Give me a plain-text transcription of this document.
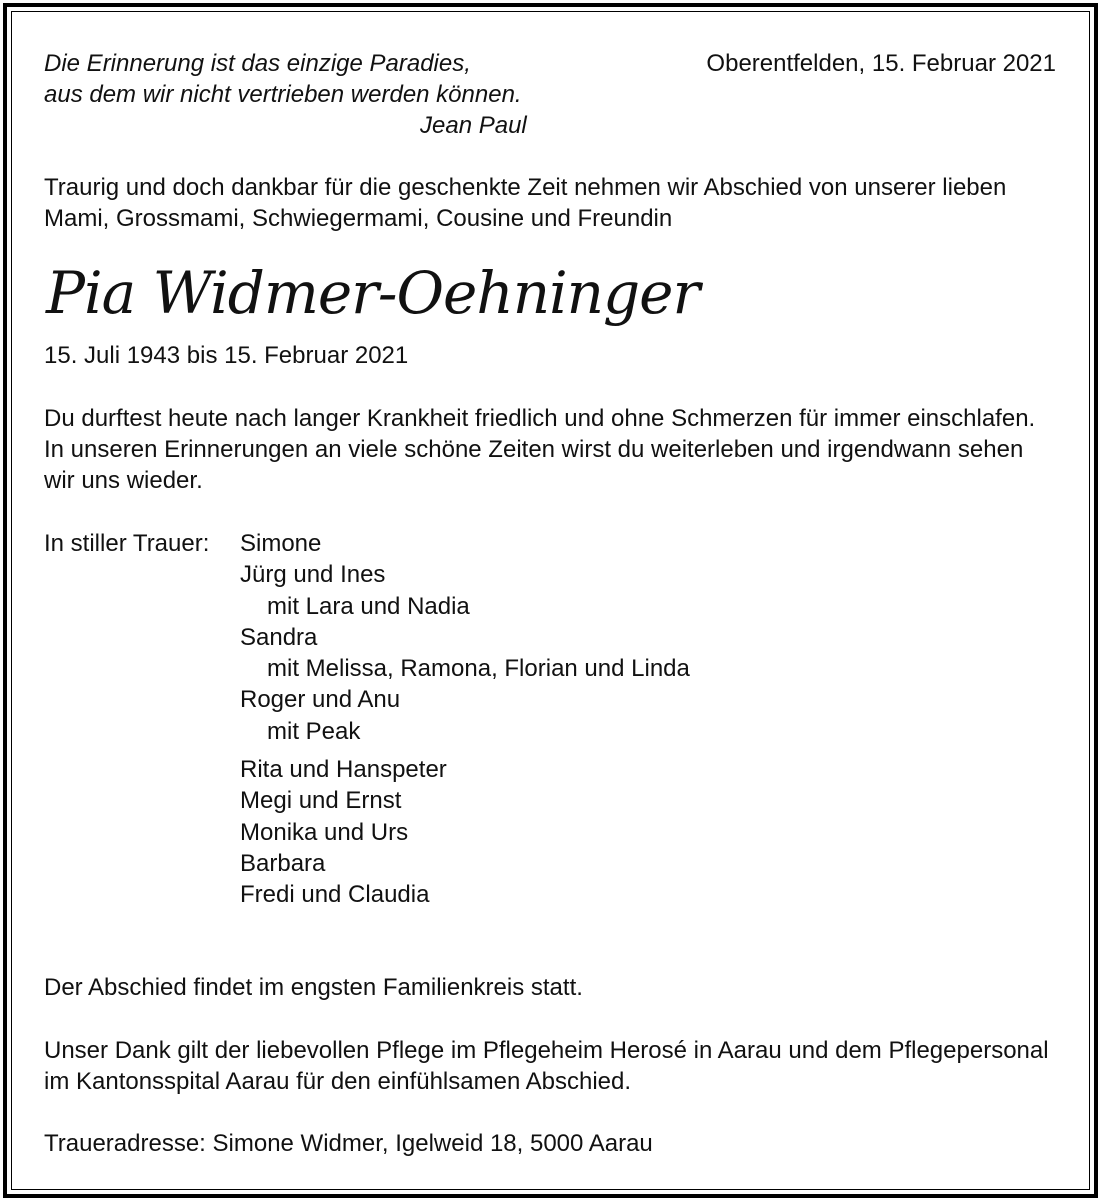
Die Erinnerung ist das einzige Paradies,
aus dem wir nicht vertrieben werden können.
Jean Paul

Oberentfelden, 15. Februar 2021

Traurig und doch dankbar für die geschenkte Zeit nehmen wir Abschied von unserer lieben
Mami, Grossmami, Schwiegermami, Cousine und Freundin
Pia Widmer-Oehninger

15. Juli 1943 bis 15. Februar 2021

Du durftest heute nach langer Krankheit friedlich und ohne Schmerzen für immer einschlafen.
In unseren Erinnerungen an viele schöne Zeiten wirst du weiterleben und irgendwann sehen
wir uns wieder.

In stiller Trauer: Simone
Jürg und Ines
mit Lara und Nadia
Sandra
mit Melissa, Ramona, Florian und Linda
Roger und Anu
mit Peak
Rita und Hanspeter
Megi und Ernst
Monika und Urs
Barbara
Fredi und Claudia

Der Abschied findet im engsten Familienkreis statt.

Unser Dank gilt der liebevollen Pflege im Pflegeheim Herosé in Aarau und dem Pflegepersonal
im Kantonsspital Aarau für den einfühlsamen Abschied.

Traueradresse: Simone Widmer, Igelweid 18, 5000 Aarau
